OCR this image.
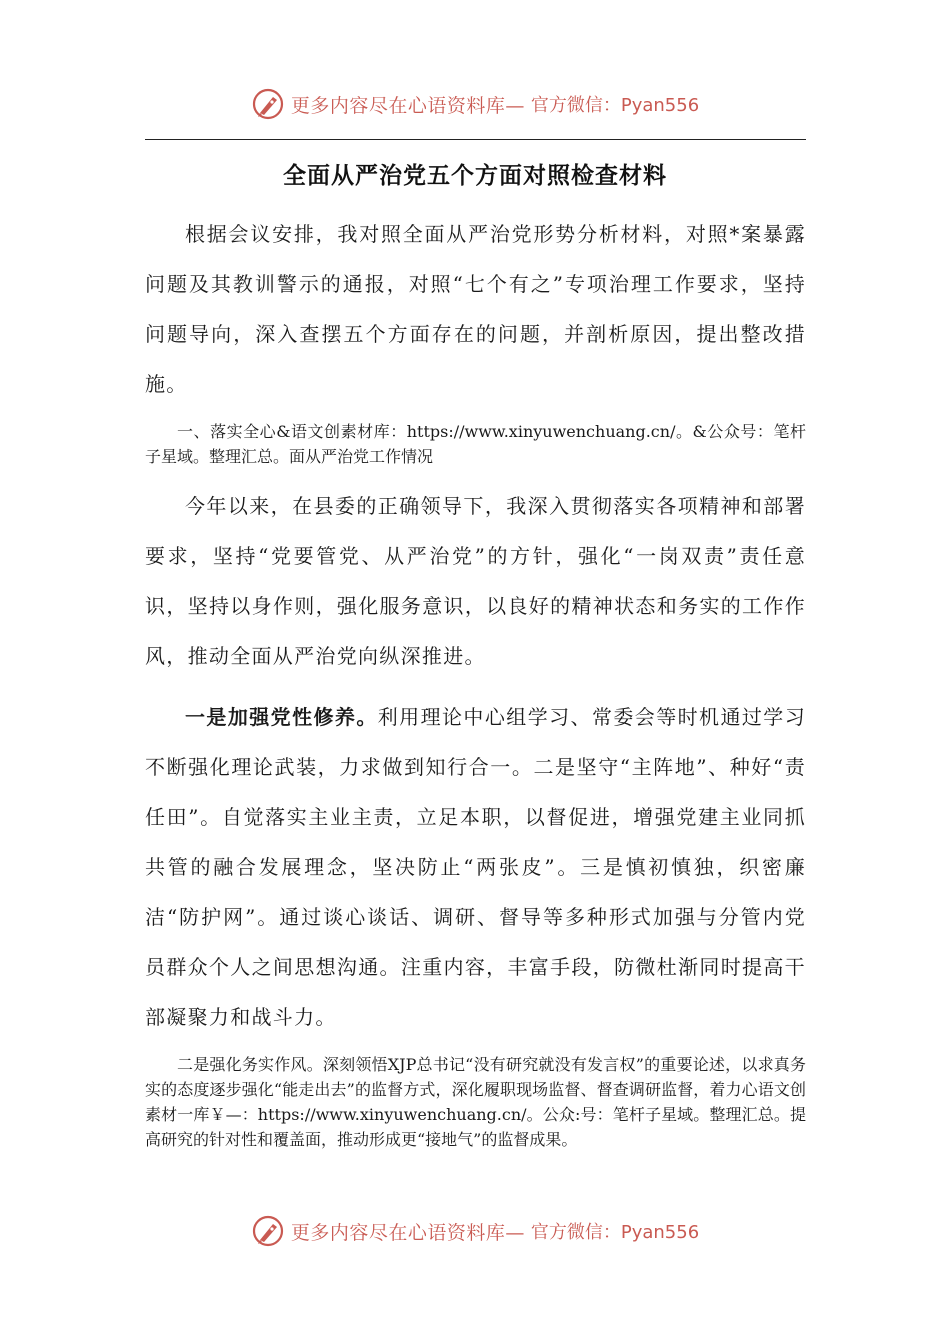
更多内容尽在心语资料库— 官方微信：Pyan556
全面从严治党五个方面对照检查材料

根据会议安排，我对照全面从严治党形势分析材料，对照*案暴露问题及其教训警示的通报，对照“七个有之”专项治理工作要求，坚持问题导向，深入查摆五个方面存在的问题，并剖析原因，提出整改措施。

一、落实全心&语文创素材库：https://www.xinyuwenchuang.cn/。&公众号：笔杆子星域。整理汇总。面从严治党工作情况

今年以来，在县委的正确领导下，我深入贯彻落实各项精神和部署要求，坚持“党要管党、从严治党”的方针，强化“一岗双责”责任意识，坚持以身作则，强化服务意识，以良好的精神状态和务实的工作作风，推动全面从严治党向纵深推进。

一是加强党性修养。利用理论中心组学习、常委会等时机通过学习不断强化理论武装，力求做到知行合一。二是坚守“主阵地”、种好“责任田”。自觉落实主业主责，立足本职，以督促进，增强党建主业同抓共管的融合发展理念，坚决防止“两张皮”。三是慎初慎独，织密廉洁“防护网”。通过谈心谈话、调研、督导等多种形式加强与分管内党员群众个人之间思想沟通。注重内容，丰富手段，防微杜渐同时提高干部凝聚力和战斗力。

二是强化务实作风。深刻领悟XJP总书记“没有研究就没有发言权”的重要论述，以求真务实的态度逐步强化“能走出去”的监督方式，深化履职现场监督、督查调研监督，着力心语文创素材一库￥—：https://www.xinyuwenchuang.cn/。公众:号：笔杆子星域。整理汇总。提高研究的针对性和覆盖面，推动形成更“接地气”的监督成果。

更多内容尽在心语资料库— 官方微信：Pyan556
